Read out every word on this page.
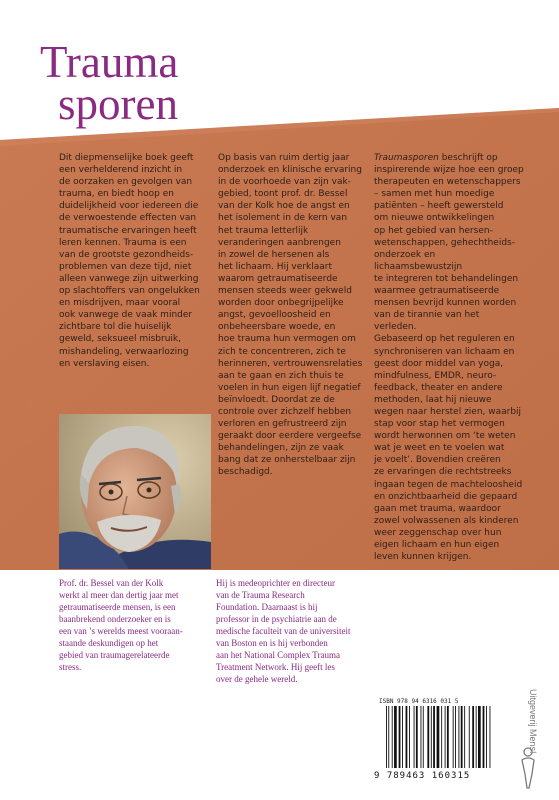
Trauma
sporen

Dit diepmenselijke boek geeft

een verhelderend inzicht in

de oorzaken en gevolgen van

trauma, en biedt hoop en

duidelijkheid voor iedereen die

de verwoestende effecten van

traumatische ervaringen heeft

leren kennen. Trauma is een

van de grootste gezondheids-

problemen van deze tijd, niet

alleen vanwege zijn uitwerking

op slachtoffers van ongelukken

en misdrijven, maar vooral

ook vanwege de vaak minder

zichtbare tol die huiselijk

geweld, seksueel misbruik,

mishandeling, verwaarlozing

en verslaving eisen.

Op basis van ruim dertig jaar

onderzoek en klinische ervaring

in de voorhoede van zijn vak-

gebied, toont prof. dr. Bessel

van der Kolk hoe de angst en

het isolement in de kern van

het trauma letterlijk

veranderingen aanbrengen

in zowel de hersenen als

het lichaam. Hij verklaart

waarom getraumatiseerde

mensen steeds weer gekweld

worden door onbegrijpelijke

angst, gevoelloosheid en

onbeheersbare woede, en

hoe trauma hun vermogen om

zich te concentreren, zich te

herinneren, vertrouwensrelaties

aan te gaan en zich thuis te

voelen in hun eigen lijf negatief

beïnvloedt. Doordat ze de

controle over zichzelf hebben

verloren en gefrustreerd zijn

geraakt door eerdere vergeefse

behandelingen, zijn ze vaak

bang dat ze onherstelbaar zijn

beschadigd.

Traumasporen beschrijft op

inspirerende wijze hoe een groep

therapeuten en wetenschappers

– samen met hun moedige

patiënten – heeft gewersteld

om nieuwe ontwikkelingen

op het gebied van hersen-

wetenschappen, gehechtheids-

onderzoek en lichaamsbewustzijn

te integreren tot behandelingen

waarmee getraumatiseerde

mensen bevrijd kunnen worden

van de tirannie van het verleden.

Gebaseerd op het reguleren en

synchroniseren van lichaam en

geest door middel van yoga,

mindfulness, EMDR, neuro-

feedback, theater en andere

methoden, laat hij nieuwe

wegen naar herstel zien, waarbij

stap voor stap het vermogen

wordt herwonnen om ‘te weten

wat je weet en te voelen wat

je voelt’. Bovendien creëren

ze ervaringen die rechtstreeks

ingaan tegen de machteloosheid

en onzichtbaarheid die gepaard

gaan met trauma, waardoor

zowel volwassenen als kinderen

weer zeggenschap over hun

eigen lichaam en hun eigen

leven kunnen krijgen.

© Lizzie Sky

Prof. dr. Bessel van der Kolk

werkt al meer dan dertig jaar met

getraumatiseerde mensen, is een

baanbrekend onderzoeker en is

een van ’s werelds meest vooraan-

staande deskundigen op het

gebied van traumagerelateerde

stress.

Hij is medeoprichter en directeur

van de Trauma Research

Foundation. Daarnaast is hij

professor in de psychiatrie aan de

medische faculteit van de universiteit

van Boston en is hij verbonden

aan het National Complex Trauma

Treatment Network. Hij geeft les

over de gehele wereld.

ISBN 978 94 6316 031 5
9 789463 160315
Uitgeverij Mens!
